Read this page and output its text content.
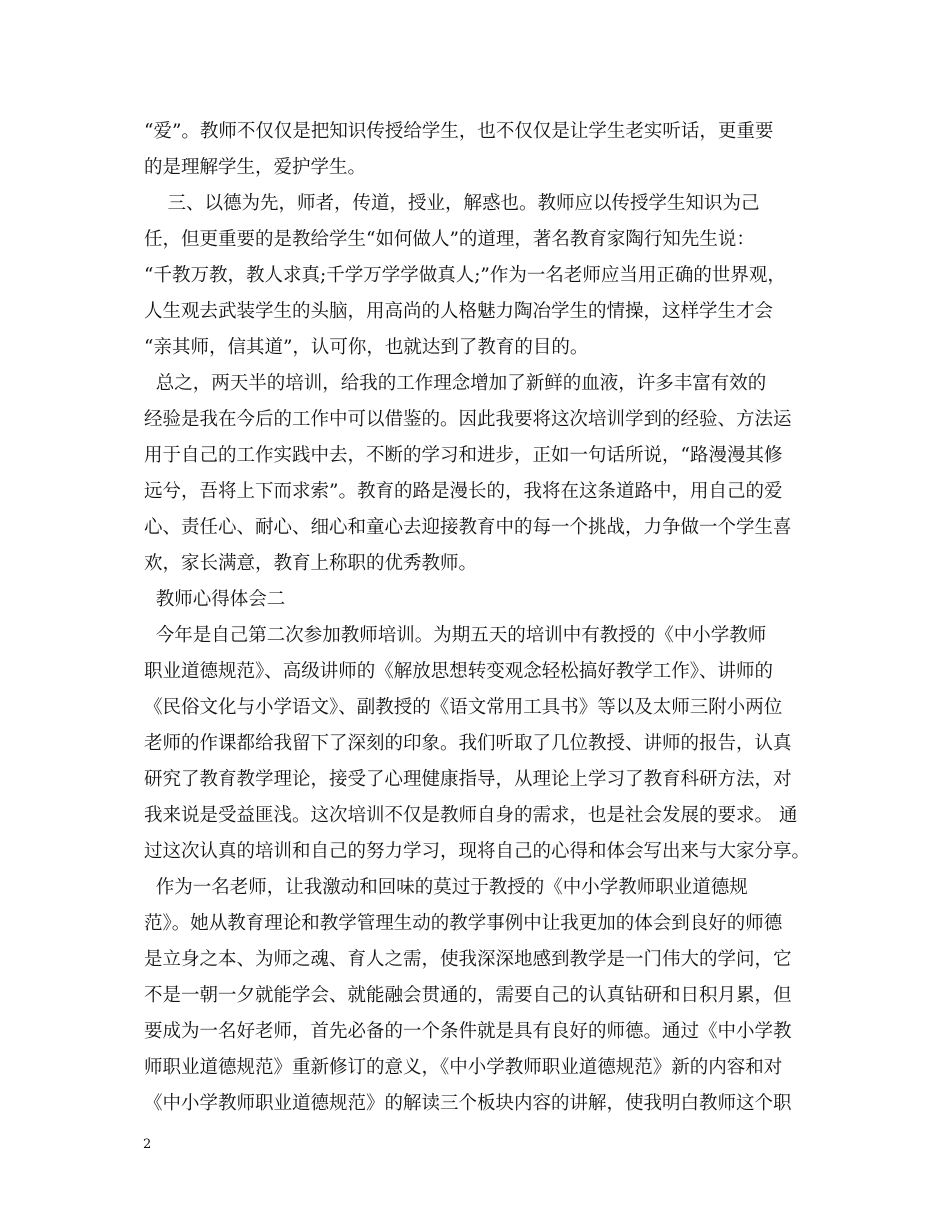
“爱”。教师不仅仅是把知识传授给学生，也不仅仅是让学生老实听话，更重要
的是理解学生，爱护学生。
三、以德为先，师者，传道，授业，解惑也。教师应以传授学生知识为己
任，但更重要的是教给学生“如何做人”的道理，著名教育家陶行知先生说：
“千教万教，教人求真;千学万学学做真人;”作为一名老师应当用正确的世界观，
人生观去武装学生的头脑，用高尚的人格魅力陶冶学生的情操，这样学生才会
“亲其师，信其道”，认可你，也就达到了教育的目的。
总之，两天半的培训，给我的工作理念增加了新鲜的血液，许多丰富有效的
经验是我在今后的工作中可以借鉴的。因此我要将这次培训学到的经验、方法运
用于自己的工作实践中去，不断的学习和进步，正如一句话所说，“路漫漫其修
远兮，吾将上下而求索”。教育的路是漫长的，我将在这条道路中，用自己的爱
心、责任心、耐心、细心和童心去迎接教育中的每一个挑战，力争做一个学生喜
欢，家长满意，教育上称职的优秀教师。
教师心得体会二
今年是自己第二次参加教师培训。为期五天的培训中有教授的《中小学教师
职业道德规范》、高级讲师的《解放思想转变观念轻松搞好教学工作》、讲师的
《民俗文化与小学语文》、副教授的《语文常用工具书》等以及太师三附小两位
老师的作课都给我留下了深刻的印象。我们听取了几位教授、讲师的报告，认真
研究了教育教学理论，接受了心理健康指导，从理论上学习了教育科研方法，对
我来说是受益匪浅。这次培训不仅是教师自身的需求，也是社会发展的要求。 通
过这次认真的培训和自己的努力学习，现将自己的心得和体会写出来与大家分享。
作为一名老师，让我激动和回味的莫过于教授的《中小学教师职业道德规
范》。她从教育理论和教学管理生动的教学事例中让我更加的体会到良好的师德
是立身之本、为师之魂、育人之需，使我深深地感到教学是一门伟大的学问，它
不是一朝一夕就能学会、就能融会贯通的，需要自己的认真钻研和日积月累，但
要成为一名好老师，首先必备的一个条件就是具有良好的师德。通过《中小学教
师职业道德规范》重新修订的意义，《中小学教师职业道德规范》新的内容和对
《中小学教师职业道德规范》的解读三个板块内容的讲解，使我明白教师这个职
2
